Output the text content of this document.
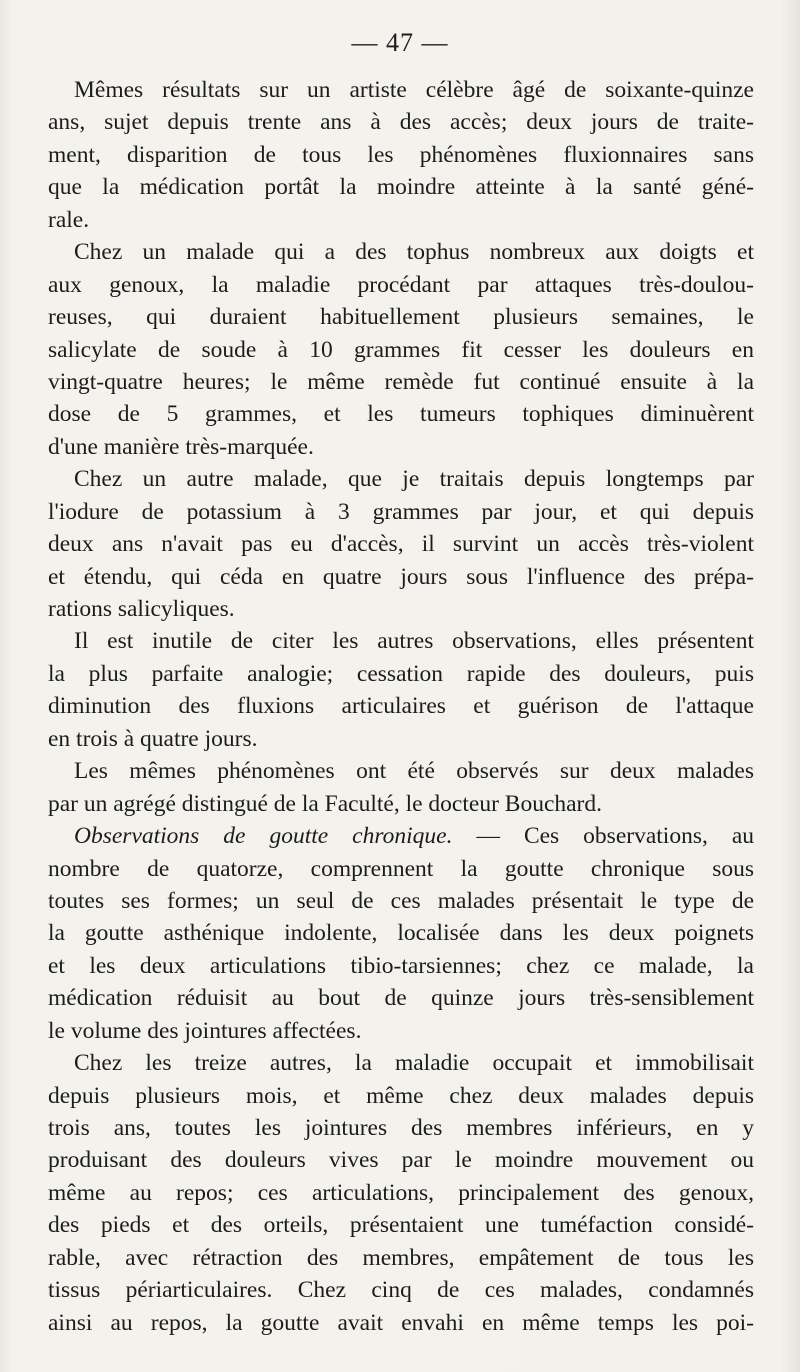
— 47 —
Mêmes résultats sur un artiste célèbre âgé de soixante-quinze
ans, sujet depuis trente ans à des accès; deux jours de traite-
ment, disparition de tous les phénomènes fluxionnaires sans
que la médication portât la moindre atteinte à la santé géné-
rale.
Chez un malade qui a des tophus nombreux aux doigts et
aux genoux, la maladie procédant par attaques très-doulou-
reuses, qui duraient habituellement plusieurs semaines, le
salicylate de soude à 10 grammes fit cesser les douleurs en
vingt-quatre heures; le même remède fut continué ensuite à la
dose de 5 grammes, et les tumeurs tophiques diminuèrent
d'une manière très-marquée.
Chez un autre malade, que je traitais depuis longtemps par
l'iodure de potassium à 3 grammes par jour, et qui depuis
deux ans n'avait pas eu d'accès, il survint un accès très-violent
et étendu, qui céda en quatre jours sous l'influence des prépa-
rations salicyliques.
Il est inutile de citer les autres observations, elles présentent
la plus parfaite analogie; cessation rapide des douleurs, puis
diminution des fluxions articulaires et guérison de l'attaque
en trois à quatre jours.
Les mêmes phénomènes ont été observés sur deux malades
par un agrégé distingué de la Faculté, le docteur Bouchard.
Observations de goutte chronique. — Ces observations, au
nombre de quatorze, comprennent la goutte chronique sous
toutes ses formes; un seul de ces malades présentait le type de
la goutte asthénique indolente, localisée dans les deux poignets
et les deux articulations tibio-tarsiennes; chez ce malade, la
médication réduisit au bout de quinze jours très-sensiblement
le volume des jointures affectées.
Chez les treize autres, la maladie occupait et immobilisait
depuis plusieurs mois, et même chez deux malades depuis
trois ans, toutes les jointures des membres inférieurs, en y
produisant des douleurs vives par le moindre mouvement ou
même au repos; ces articulations, principalement des genoux,
des pieds et des orteils, présentaient une tuméfaction considé-
rable, avec rétraction des membres, empâtement de tous les
tissus périarticulaires. Chez cinq de ces malades, condamnés
ainsi au repos, la goutte avait envahi en même temps les poi-
